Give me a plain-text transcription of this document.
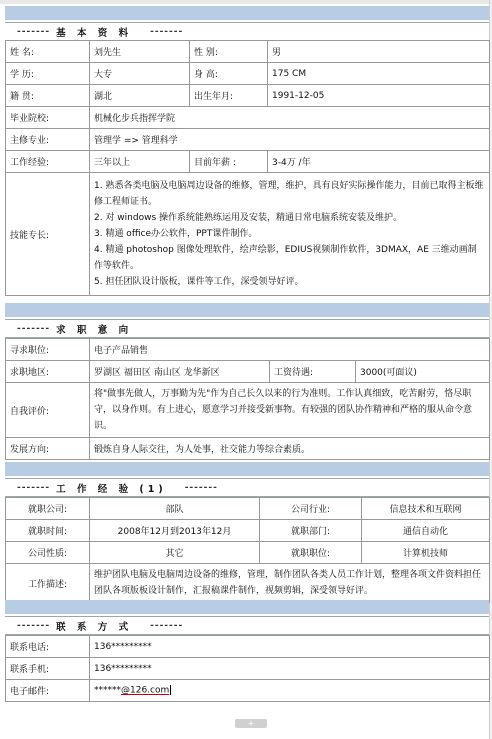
------- 基 本 资 料 -------
姓 名:	刘先生	性 别:	男
学 历:	大专	身 高:	175 CM
籍 贯:	湖北	出生年月:	1991-12-05
毕业院校:	机械化步兵指挥学院		
主修专业:	管理学 => 管理科学		
工作经验:	三年以上	目前年薪 :	3-4万 /年
技能专长:	1. 熟悉各类电脑及电脑周边设备的维修，管理，维护，具有良好实际操作能力，目前已取得主板维修工程师证书。
2. 对 windows 操作系统能熟练运用及安装，精通日常电脑系统安装及维护。
3. 精通 office办公软件，PPT课件制作。
4. 精通 photoshop 图像处理软件，绘声绘影，EDIUS视频制作软件，3DMAX，AE 三维动画制作等软件。
5. 担任团队设计版板，课件等工作，深受领导好评。		
------- 求 职 意 向
寻求职位:	电子产品销售		
求职地区:	罗湖区 福田区 南山区 龙华新区	工资待遇:	3000(可面议)
自我评价:	将"做事先做人，万事勤为先"作为自己长久以来的行为准则。工作认真细致，吃苦耐劳，恪尽职守，以身作则。有上进心，愿意学习并接受新事物。有较强的团队协作精神和严格的服从命令意识。		
发展方向:	锻炼自身人际交往，为人处事，社交能力等综合素质。		
------- 工 作 经 验 (1) -------
就职公司:	部队	公司行业:	信息技术和互联网
就职时间:	2008年12月到2013年12月	就职部门:	通信自动化
公司性质:	其它	就职职位:	计算机技师
工作描述:	维护团队电脑及电脑周边设备的维修，管理，制作团队各类人员工作计划，整理各项文件资料担任团队各项版板设计制作，汇报稿课件制作，视频剪辑，深受领导好评。		
------- 联 系 方 式 -------
联系电话:	136*********
联系手机:	136*********
电子邮件:	******@126.com
+
